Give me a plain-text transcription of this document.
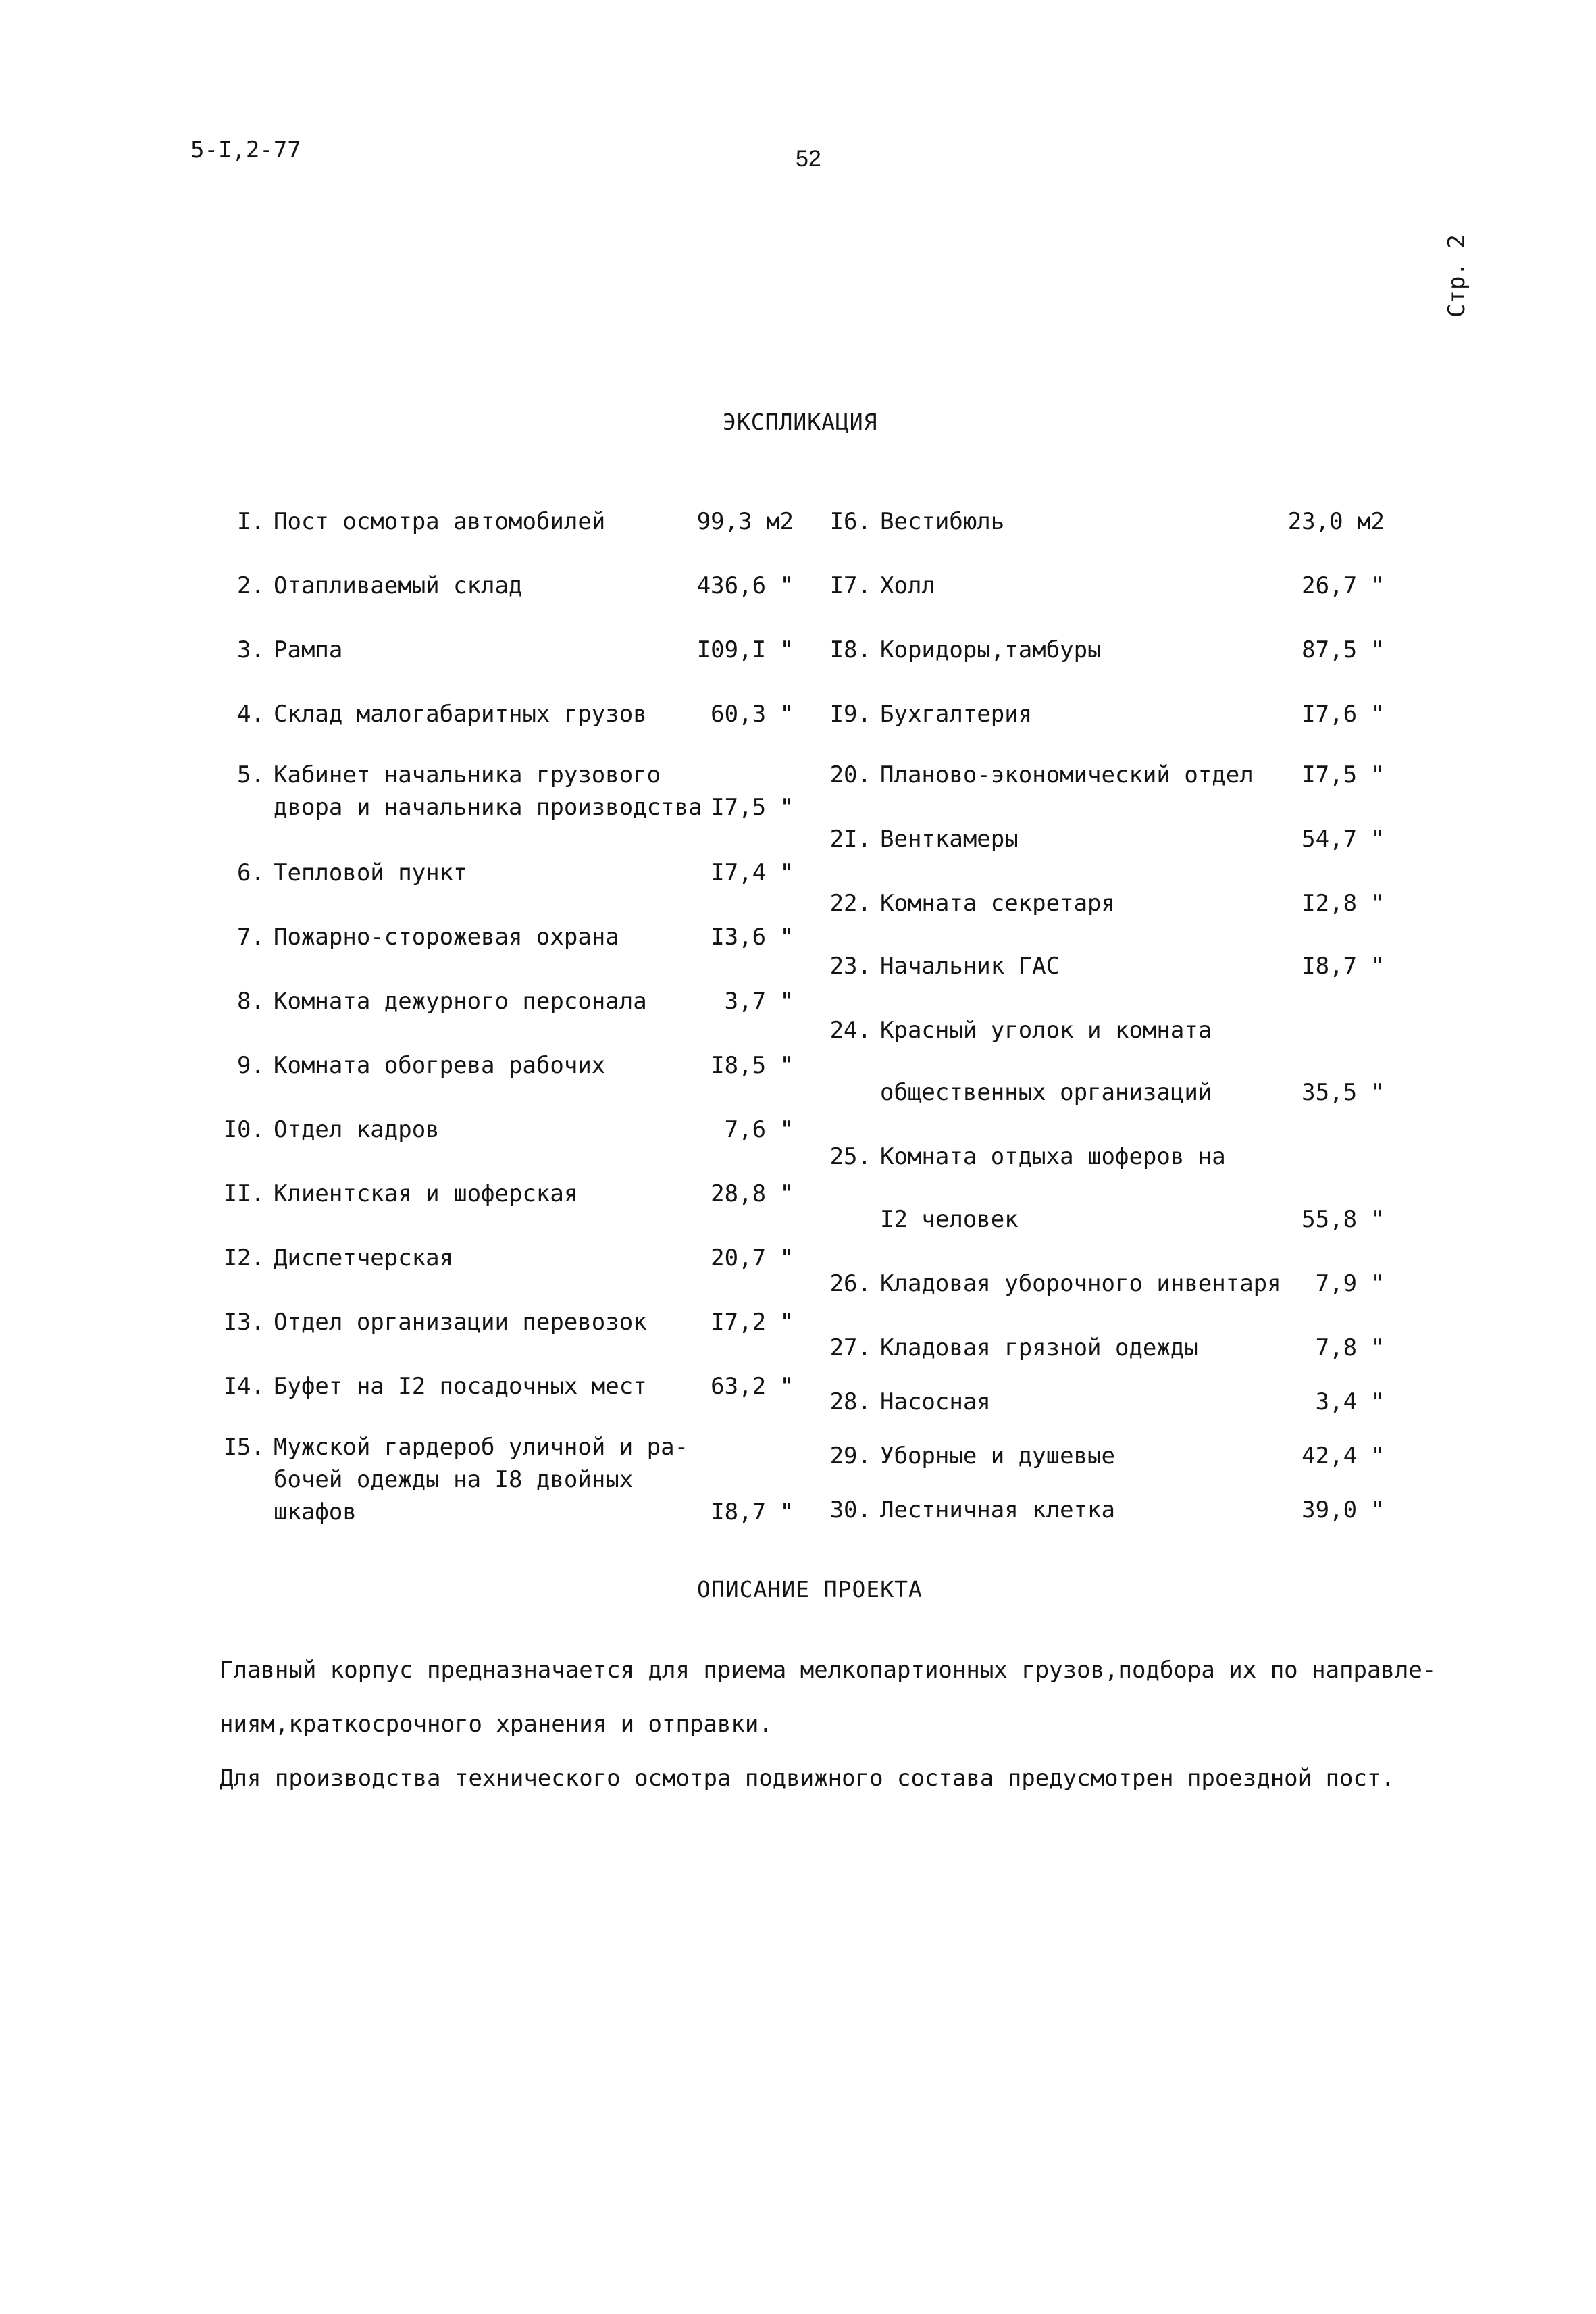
5-I,2-77	52
Стр. 2
ЭКСПЛИКАЦИЯ
I. Пост осмотра автомобилей	99,3 м2
2. Отапливаемый склад	436,6 "
3. Рампа	I09,I "
4. Склад малогабаритных грузов	60,3 "
5. Кабинет начальника грузового
двора и начальника производства I7,5 "
6. Тепловой пункт	I7,4 "
7. Пожарно-сторожевая охрана	I3,6 "
8. Комната дежурного персонала	3,7 "
9. Комната обогрева рабочих	I8,5 "
I0. Отдел кадров	7,6 "
II. Клиентская и шоферская	28,8 "
I2. Диспетчерская	20,7 "
I3. Отдел организации перевозок	I7,2 "
I4. Буфет на I2 посадочных мест	63,2 "
I5. Мужской гардероб уличной и ра-
бочей одежды на I8 двойных
шкафов	I8,7 "
I6. Вестибюль	23,0 м2
I7. Холл	26,7 "
I8. Коридоры,тамбуры	87,5 "
I9. Бухгалтерия	I7,6 "
20. Планово-экономический отдел	I7,5 "
2I. Венткамеры	54,7 "
22. Комната секретаря	I2,8 "
23. Начальник ГАС	I8,7 "
24. Красный уголок и комната
общественных организаций	35,5 "
25. Комната отдыха шоферов на
I2 человек	55,8 "
26. Кладовая уборочного инвентаря	7,9 "
27. Кладовая грязной одежды	7,8 "
28. Насосная	3,4 "
29. Уборные и душевые	42,4 "
30. Лестничная клетка	39,0 "
ОПИСАНИЕ ПРОЕКТА
Главный корпус предназначается для приема мелкопартионных грузов,подбора их по направле-
ниям,краткосрочного хранения и отправки.
Для производства технического осмотра подвижного состава предусмотрен проездной пост.
